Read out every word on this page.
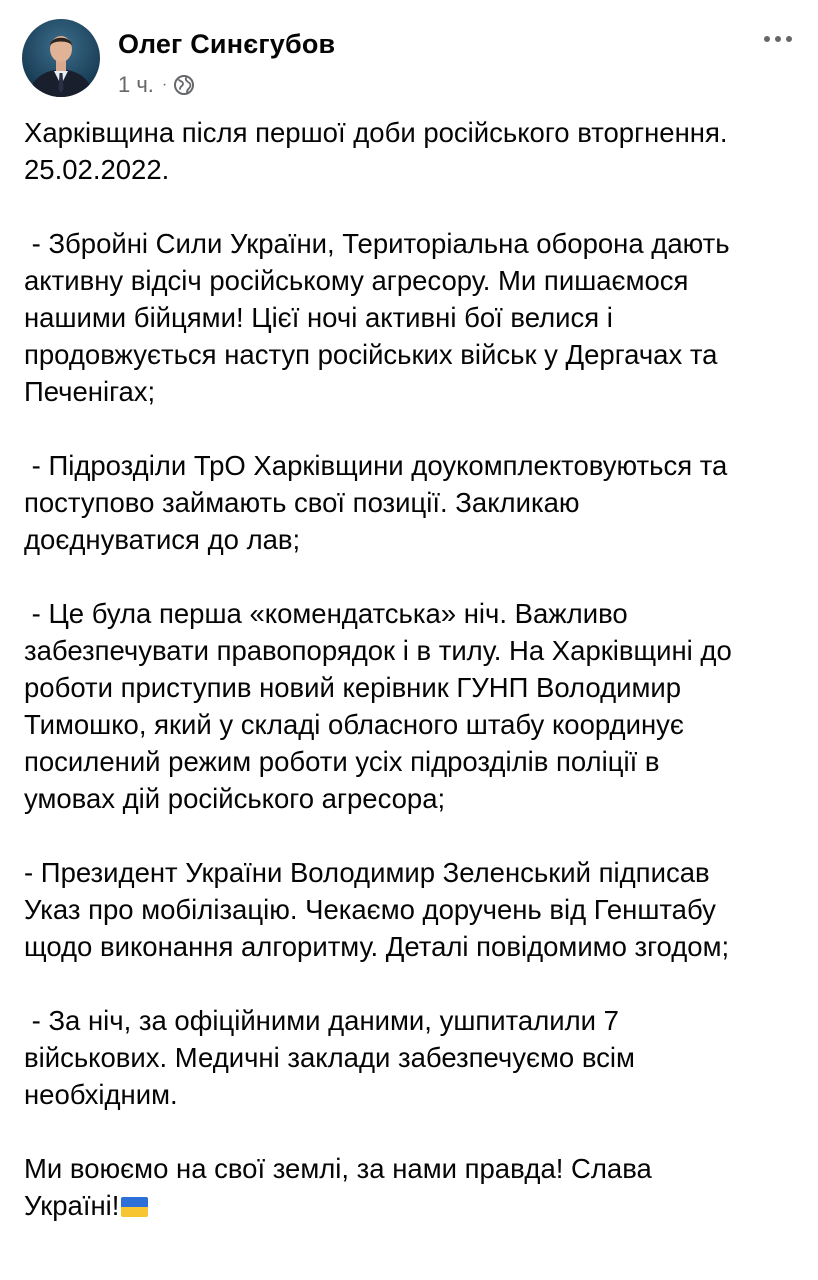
Олег Синєгубов
1 ч. ·

Харківщина після першої доби російського вторгнення.

25.02.2022.

- Збройні Сили України, Територіальна оборона дають

активну відсіч російському агресору. Ми пишаємося

нашими бійцями! Цієї ночі активні бої велися і

продовжується наступ російських військ у Дергачах та

Печенігах;

- Підрозділи ТрО Харківщини доукомплектовуються та

поступово займають свої позиції. Закликаю

доєднуватися до лав;

- Це була перша «комендатська» ніч. Важливо

забезпечувати правопорядок і в тилу. На Харківщині до

роботи приступив новий керівник ГУНП Володимир

Тимошко, який у складі обласного штабу координує

посилений режим роботи усіх підрозділів поліції в

умовах дій російського агресора;

- Президент України Володимир Зеленський підписав

Указ про мобілізацію. Чекаємо доручень від Генштабу

щодо виконання алгоритму. Деталі повідомимо згодом;

- За ніч, за офіційними даними, ушпиталили 7

військових. Медичні заклади забезпечуємо всім

необхідним.

Ми воюємо на свої землі, за нами правда! Слава

Україні!
